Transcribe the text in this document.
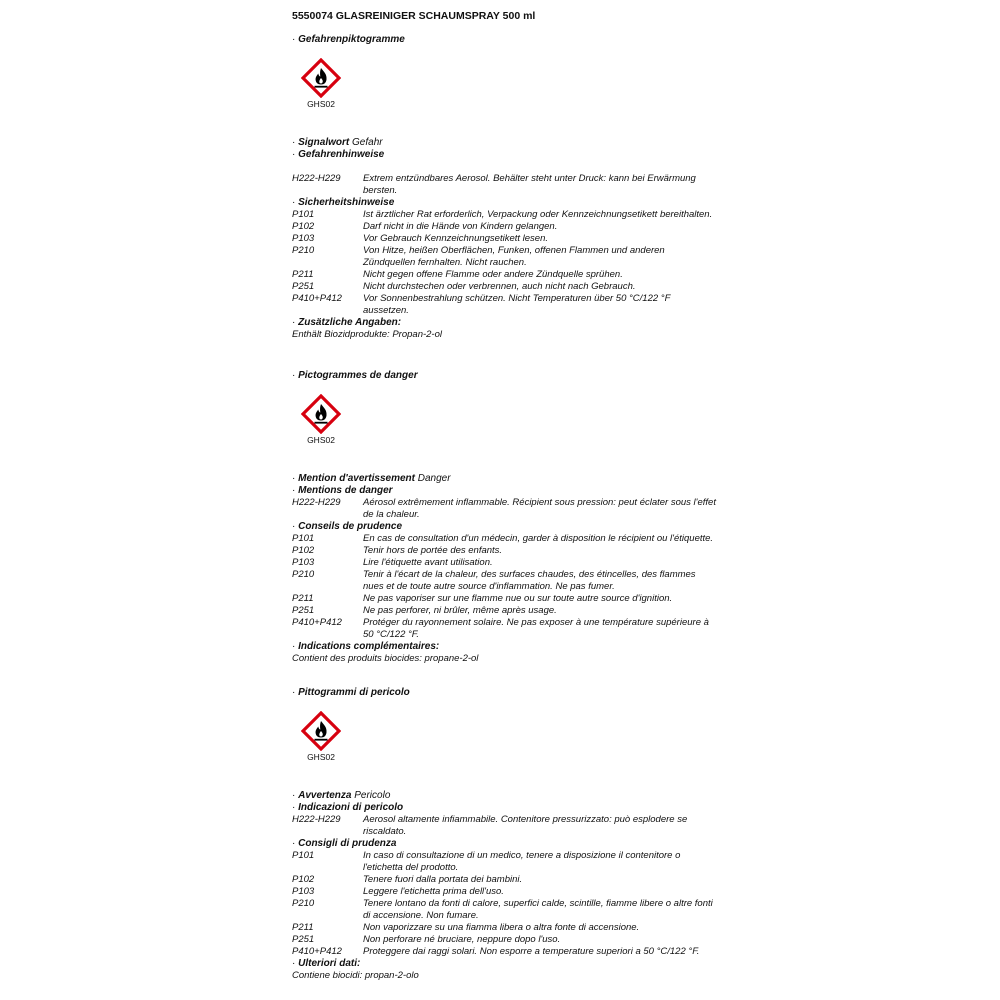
5550074 GLASREINIGER SCHAUMSPRAY 500 ml
· Gefahrenpiktogramme
GHS02
· Signalwort Gefahr
· Gefahrenhinweise
H222-H229	Extrem entzündbares Aerosol. Behälter steht unter Druck: kann bei Erwärmung bersten.
· Sicherheitshinweise
P101	Ist ärztlicher Rat erforderlich, Verpackung oder Kennzeichnungsetikett bereithalten.
P102	Darf nicht in die Hände von Kindern gelangen.
P103	Vor Gebrauch Kennzeichnungsetikett lesen.
P210	Von Hitze, heißen Oberflächen, Funken, offenen Flammen und anderen Zündquellen fernhalten. Nicht rauchen.
P211	Nicht gegen offene Flamme oder andere Zündquelle sprühen.
P251	Nicht durchstechen oder verbrennen, auch nicht nach Gebrauch.
P410+P412	Vor Sonnenbestrahlung schützen. Nicht Temperaturen über 50 °C/122 °F aussetzen.
· Zusätzliche Angaben:
Enthält Biozidprodukte: Propan-2-ol
· Pictogrammes de danger
GHS02
· Mention d'avertissement Danger
· Mentions de danger
H222-H229	Aérosol extrêmement inflammable. Récipient sous pression: peut éclater sous l'effet de la chaleur.
· Conseils de prudence
P101	En cas de consultation d'un médecin, garder à disposition le récipient ou l'étiquette.
P102	Tenir hors de portée des enfants.
P103	Lire l'étiquette avant utilisation.
P210	Tenir à l'écart de la chaleur, des surfaces chaudes, des étincelles, des flammes nues et de toute autre source d'inflammation. Ne pas fumer.
P211	Ne pas vaporiser sur une flamme nue ou sur toute autre source d'ignition.
P251	Ne pas perforer, ni brûler, même après usage.
P410+P412	Protéger du rayonnement solaire. Ne pas exposer à une température supérieure à 50 °C/122 °F.
· Indications complémentaires:
Contient des produits biocides: propane-2-ol
· Pittogrammi di pericolo
GHS02
· Avvertenza Pericolo
· Indicazioni di pericolo
H222-H229	Aerosol altamente infiammabile. Contenitore pressurizzato: può esplodere se riscaldato.
· Consigli di prudenza
P101	In caso di consultazione di un medico, tenere a disposizione il contenitore o l'etichetta del prodotto.
P102	Tenere fuori dalla portata dei bambini.
P103	Leggere l'etichetta prima dell'uso.
P210	Tenere lontano da fonti di calore, superfici calde, scintille, fiamme libere o altre fonti di accensione. Non fumare.
P211	Non vaporizzare su una fiamma libera o altra fonte di accensione.
P251	Non perforare né bruciare, neppure dopo l'uso.
P410+P412	Proteggere dai raggi solari. Non esporre a temperature superiori a 50 °C/122 °F.
· Ulteriori dati:
Contiene biocidi: propan-2-olo
